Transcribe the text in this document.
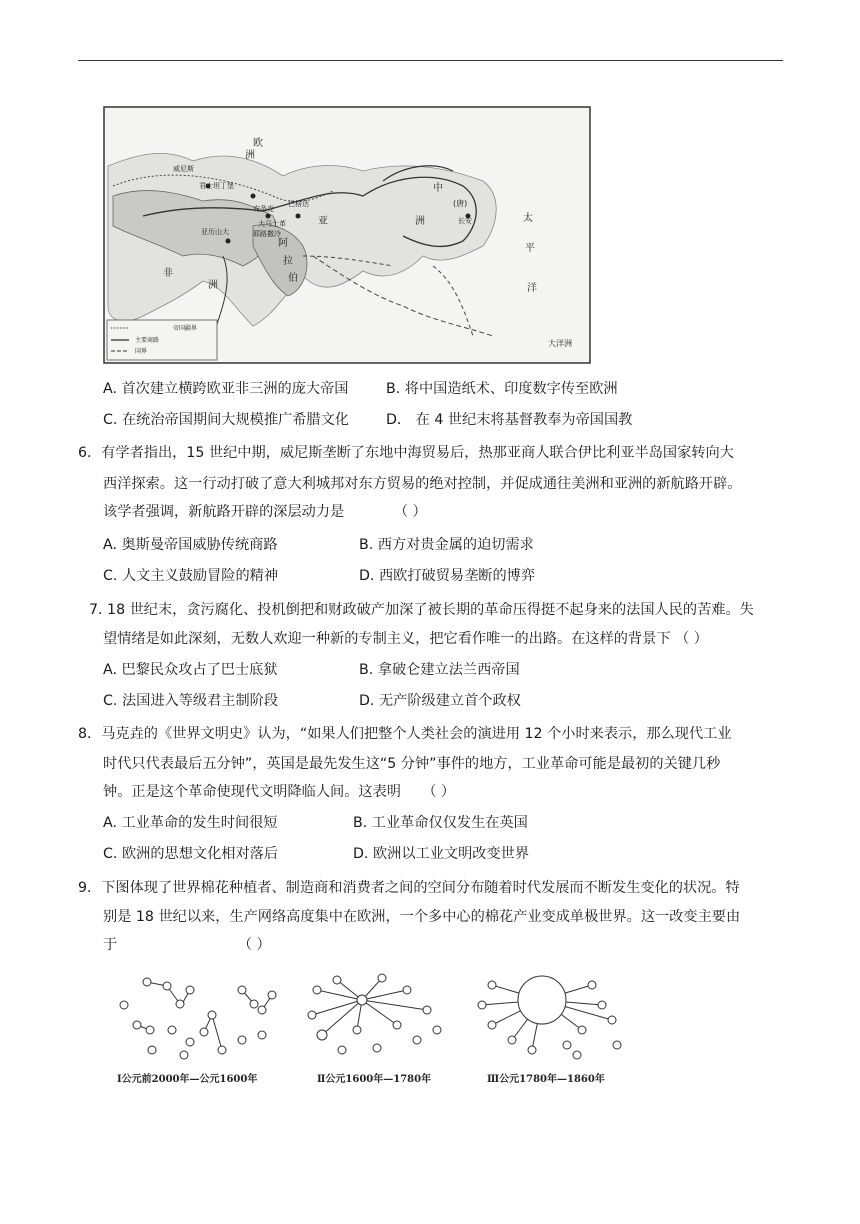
欧
洲
威尼斯
君士坦丁堡
安条克
大马士革
耶路撒冷
亚历山大
巴格达
亚
非
洲
阿
拉
伯
中
(唐)
洲	长安	太
平
洋
大洋洲
帝国疆界
主要商路
国界
A. 首次建立横跨欧亚非三洲的庞大帝国	B. 将中国造纸术、印度数字传至欧洲
C. 在统治帝国期间大规模推广希腊文化	D． 在 4 世纪末将基督教奉为帝国国教
6．有学者指出，15 世纪中期，威尼斯垄断了东地中海贸易后，热那亚商人联合伊比利亚半岛国家转向大
西洋探索。这一行动打破了意大利城邦对东方贸易的绝对控制，并促成通往美洲和亚洲的新航路开辟。
该学者强调，新航路开辟的深层动力是　　　　（ ）
A. 奥斯曼帝国威胁传统商路	B. 西方对贵金属的迫切需求
C. 人文主义鼓励冒险的精神	D. 西欧打破贸易垄断的博弈
7. 18 世纪末，贪污腐化、投机倒把和财政破产加深了被长期的革命压得挺不起身来的法国人民的苦难。失
望情绪是如此深刻，无数人欢迎一种新的专制主义，把它看作唯一的出路。在这样的背景下 （ ）
A. 巴黎民众攻占了巴士底狱	B. 拿破仑建立法兰西帝国
C. 法国进入等级君主制阶段	D. 无产阶级建立首个政权
8．马克垚的《世界文明史》认为，“如果人们把整个人类社会的演进用 12 个小时来表示，那么现代工业
时代只代表最后五分钟”，英国是最先发生这“5 分钟”事件的地方，工业革命可能是最初的关键几秒
钟。正是这个革命使现代文明降临人间。这表明　　（ ）
A. 工业革命的发生时间很短	B. 工业革命仅仅发生在英国
C. 欧洲的思想文化相对落后	D. 欧洲以工业文明改变世界
9．下图体现了世界棉花种植者、制造商和消费者之间的空间分布随着时代发展而不断发生变化的状况。特
别是 18 世纪以来，生产网络高度集中在欧洲，一个多中心的棉花产业变成单极世界。这一改变主要由
于　　　　　　　　　（ ）
Ⅰ公元前2000年—公元1600年	Ⅱ公元1600年—1780年	Ⅲ公元1780年—1860年
